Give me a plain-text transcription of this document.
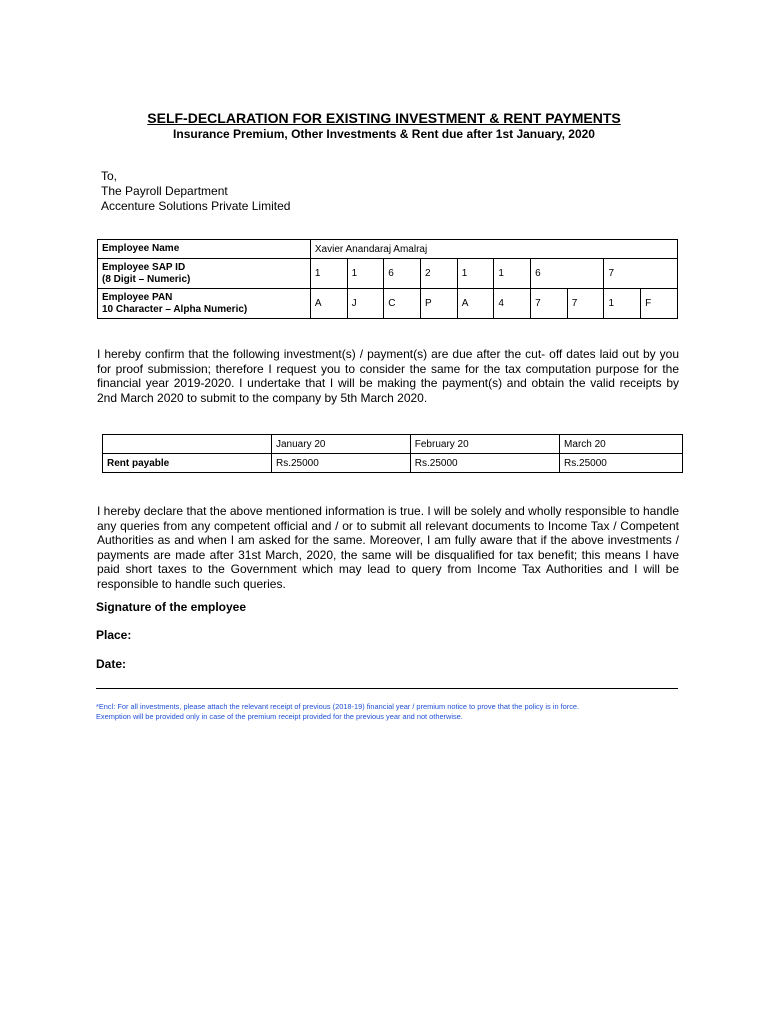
SELF-DECLARATION FOR EXISTING INVESTMENT & RENT PAYMENTS
Insurance Premium, Other Investments & Rent due after 1st January, 2020
To,
The Payroll Department
Accenture Solutions Private Limited
Employee Name	Xavier Anandaraj Amalraj									

Employee SAP ID
(8 Digit – Numeric)	1	1	6	2	1	1	6		7	

Employee PAN
10 Character – Alpha Numeric)	A	J	C	P	A	4	7	7	1	F
I hereby confirm that the following investment(s) / payment(s) are due after the cut- off dates laid out by you for proof submission; therefore I request you to consider the same for the tax computation purpose for the financial year 2019-2020. I undertake that I will be making the payment(s) and obtain the valid receipts by 2nd March 2020 to submit to the company by 5th March 2020.
	January 20	February 20	March 20
Rent payable	Rs.25000	Rs.25000	Rs.25000
I hereby declare that the above mentioned information is true. I will be solely and wholly responsible to handle any queries from any competent official and / or to submit all relevant documents to Income Tax / Competent Authorities as and when I am asked for the same. Moreover, I am fully aware that if the above investments / payments are made after 31st March, 2020, the same will be disqualified for tax benefit; this means I have paid short taxes to the Government which may lead to query from Income Tax Authorities and I will be responsible to handle such queries.
Signature of the employee
Place:
Date:
*Encl: For all investments, please attach the relevant receipt of previous (2018-19) financial year / premium notice to prove that the policy is in force.
Exemption will be provided only in case of the premium receipt provided for the previous year and not otherwise.
